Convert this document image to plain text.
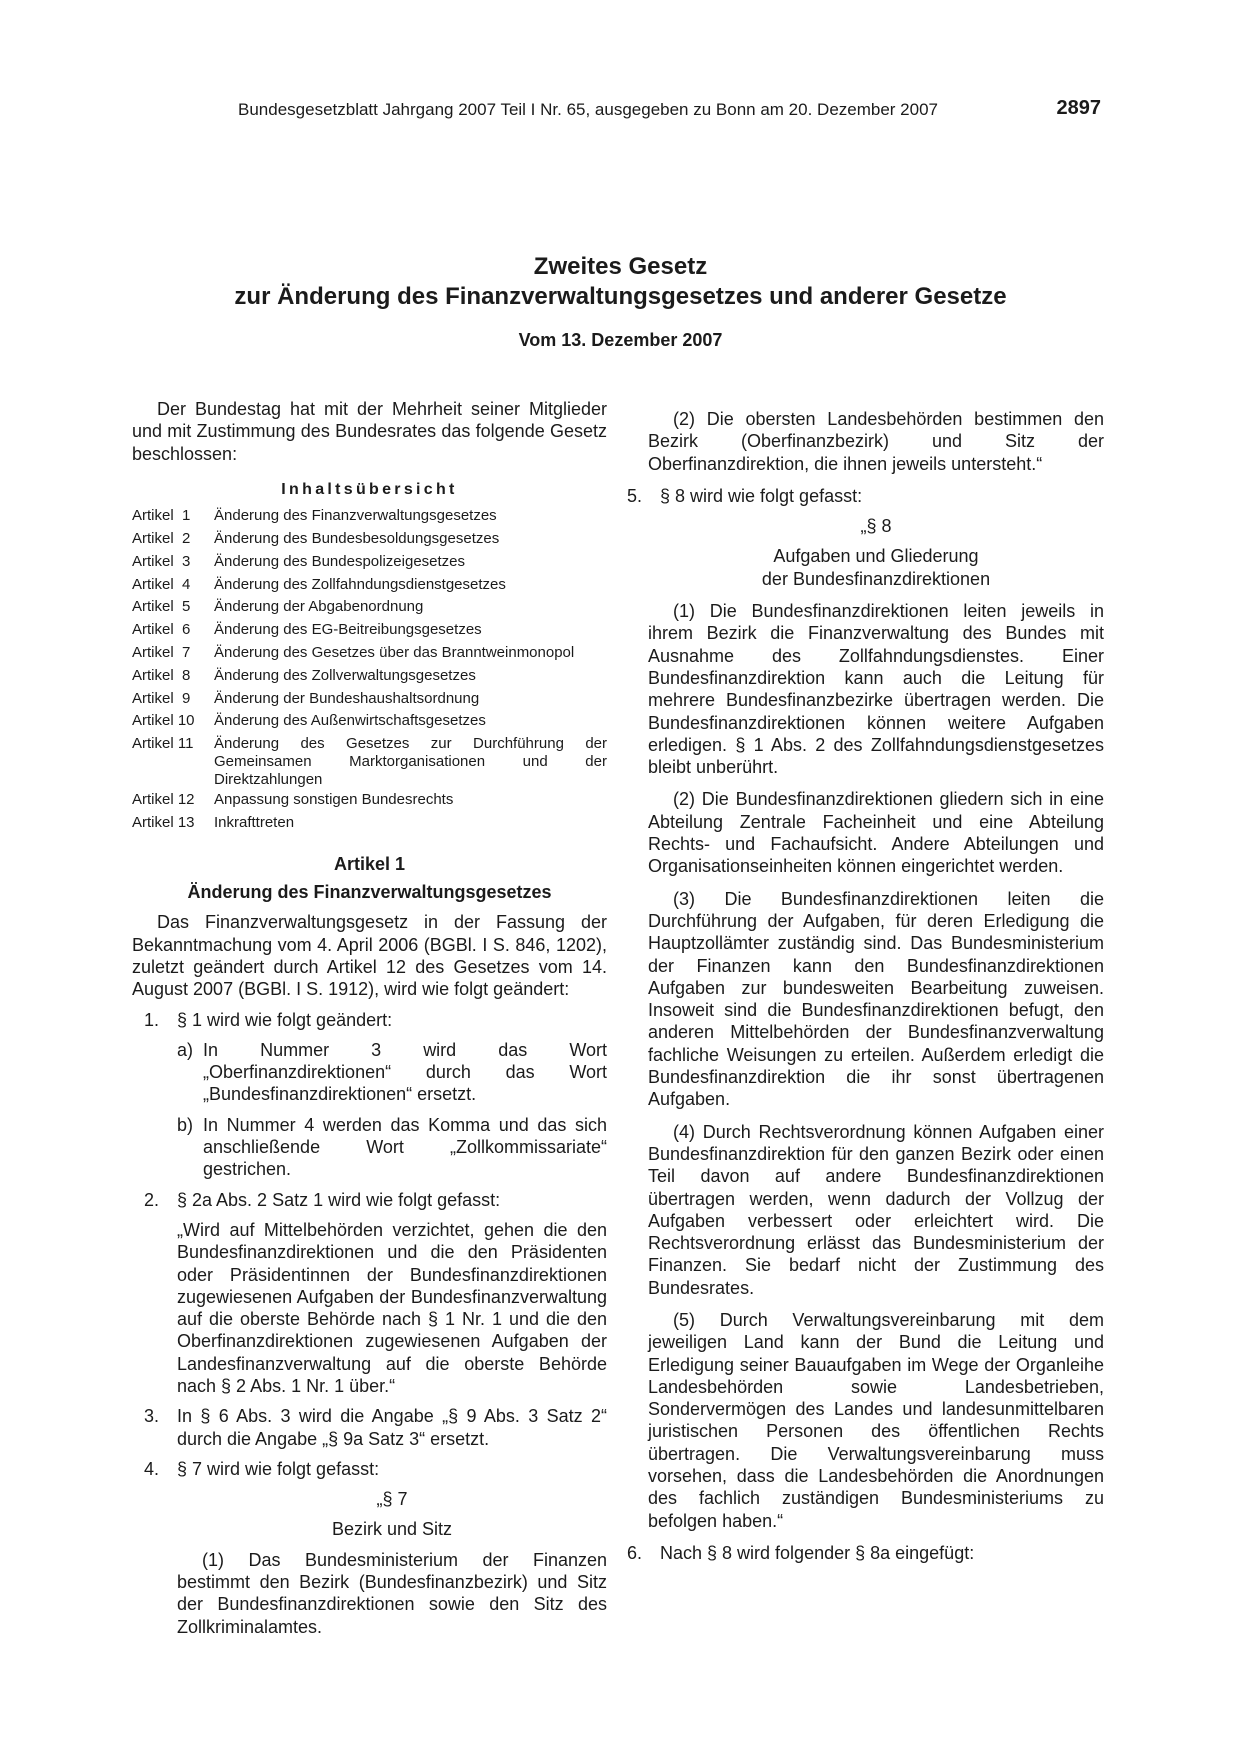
Bundesgesetzblatt Jahrgang 2007 Teil I Nr. 65, ausgegeben zu Bonn am 20. Dezember 2007	2897
Zweites Gesetz
zur Änderung des Finanzverwaltungsgesetzes und anderer Gesetze
Vom 13. Dezember 2007

Der Bundestag hat mit der Mehrheit seiner Mitglieder und mit Zustimmung des Bundesrates das folgende Gesetz beschlossen:

Inhaltsübersicht
Artikel  1	Änderung des Finanzverwaltungsgesetzes
Artikel  2	Änderung des Bundesbesoldungsgesetzes
Artikel  3	Änderung des Bundespolizeigesetzes
Artikel  4	Änderung des Zollfahndungsdienstgesetzes
Artikel  5	Änderung der Abgabenordnung
Artikel  6	Änderung des EG-Beitreibungsgesetzes
Artikel  7	Änderung des Gesetzes über das Branntweinmonopol
Artikel  8	Änderung des Zollverwaltungsgesetzes
Artikel  9	Änderung der Bundeshaushaltsordnung
Artikel 10	Änderung des Außenwirtschaftsgesetzes
Artikel 11	Änderung des Gesetzes zur Durchführung der Gemeinsamen Marktorganisationen und der Direktzahlungen
Artikel 12	Anpassung sonstigen Bundesrechts
Artikel 13	Inkrafttreten
Artikel 1
Änderung des Finanzverwaltungsgesetzes

Das Finanzverwaltungsgesetz in der Fassung der Bekanntmachung vom 4. April 2006 (BGBl. I S. 846, 1202), zuletzt geändert durch Artikel 12 des Gesetzes vom 14. August 2007 (BGBl. I S. 1912), wird wie folgt geändert:

1. § 1 wird wie folgt geändert:
a) In Nummer 3 wird das Wort „Oberfinanzdirektionen“ durch das Wort „Bundesfinanzdirektionen“ ersetzt.
b) In Nummer 4 werden das Komma und das sich anschließende Wort „Zollkommissariate“ gestrichen.
2. § 2a Abs. 2 Satz 1 wird wie folgt gefasst:

„Wird auf Mittelbehörden verzichtet, gehen die den Bundesfinanzdirektionen und die den Präsidenten oder Präsidentinnen der Bundesfinanzdirektionen zugewiesenen Aufgaben der Bundesfinanzverwaltung auf die oberste Behörde nach § 1 Nr. 1 und die den Oberfinanzdirektionen zugewiesenen Aufgaben der Landesfinanzverwaltung auf die oberste Behörde nach § 2 Abs. 1 Nr. 1 über.“

3. In § 6 Abs. 3 wird die Angabe „§ 9 Abs. 3 Satz 2“ durch die Angabe „§ 9a Satz 3“ ersetzt.
4. § 7 wird wie folgt gefasst:

„§ 7

Bezirk und Sitz

(1) Das Bundesministerium der Finanzen bestimmt den Bezirk (Bundesfinanzbezirk) und Sitz der Bundesfinanzdirektionen sowie den Sitz des Zollkriminalamtes.

(2) Die obersten Landesbehörden bestimmen den Bezirk (Oberfinanzbezirk) und Sitz der Oberfinanzdirektion, die ihnen jeweils untersteht.“

5. § 8 wird wie folgt gefasst:

„§ 8

Aufgaben und Gliederung

der Bundesfinanzdirektionen

(1) Die Bundesfinanzdirektionen leiten jeweils in ihrem Bezirk die Finanzverwaltung des Bundes mit Ausnahme des Zollfahndungsdienstes. Einer Bundesfinanzdirektion kann auch die Leitung für mehrere Bundesfinanzbezirke übertragen werden. Die Bundesfinanzdirektionen können weitere Aufgaben erledigen. § 1 Abs. 2 des Zollfahndungsdienstgesetzes bleibt unberührt.

(2) Die Bundesfinanzdirektionen gliedern sich in eine Abteilung Zentrale Facheinheit und eine Abteilung Rechts- und Fachaufsicht. Andere Abteilungen und Organisationseinheiten können eingerichtet werden.

(3) Die Bundesfinanzdirektionen leiten die Durchführung der Aufgaben, für deren Erledigung die Hauptzollämter zuständig sind. Das Bundesministerium der Finanzen kann den Bundesfinanzdirektionen Aufgaben zur bundesweiten Bearbeitung zuweisen. Insoweit sind die Bundesfinanzdirektionen befugt, den anderen Mittelbehörden der Bundesfinanzverwaltung fachliche Weisungen zu erteilen. Außerdem erledigt die Bundesfinanzdirektion die ihr sonst übertragenen Aufgaben.

(4) Durch Rechtsverordnung können Aufgaben einer Bundesfinanzdirektion für den ganzen Bezirk oder einen Teil davon auf andere Bundesfinanzdirektionen übertragen werden, wenn dadurch der Vollzug der Aufgaben verbessert oder erleichtert wird. Die Rechtsverordnung erlässt das Bundesministerium der Finanzen. Sie bedarf nicht der Zustimmung des Bundesrates.

(5) Durch Verwaltungsvereinbarung mit dem jeweiligen Land kann der Bund die Leitung und Erledigung seiner Bauaufgaben im Wege der Organleihe Landesbehörden sowie Landesbetrieben, Sondervermögen des Landes und landesunmittelbaren juristischen Personen des öffentlichen Rechts übertragen. Die Verwaltungsvereinbarung muss vorsehen, dass die Landesbehörden die Anordnungen des fachlich zuständigen Bundesministeriums zu befolgen haben.“

6. Nach § 8 wird folgender § 8a eingefügt:
